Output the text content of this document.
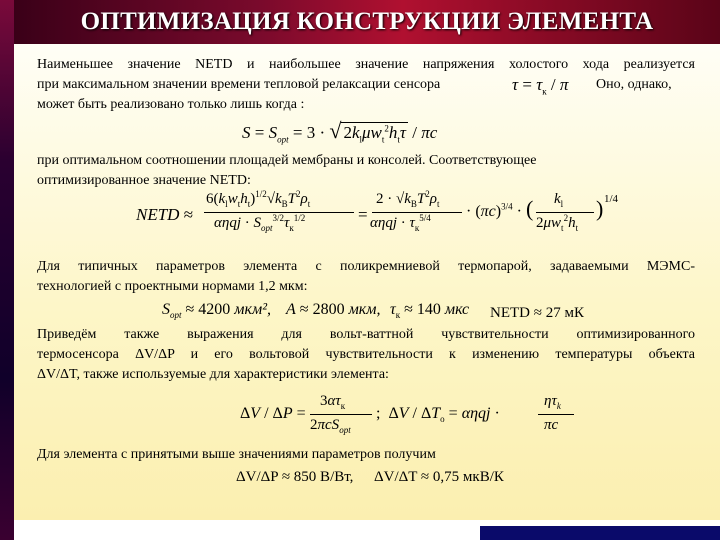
ОПТИМИЗАЦИЯ КОНСТРУКЦИИ ЭЛЕМЕНТА
Наименьшее значение NETD и наибольшее значение напряжения холостого хода реализуется
при максимальном значении времени тепловой релаксации сенсора	$\tau = \tau_к / \pi$ Оно, однако,
может быть реализовано только лишь когда :
$S = S_{opt} = 3$ · √ $2k_l\mu w_t^2h_t\tau$ / πc
при оптимальном соотношении площадей мембраны и консолей. Соответствующее
оптимизированное значение NETD:
NETD ≈
$6(k_lw_th_t)^{1/2}√k_BT^2\rho_t$
$\alpha\eta qj \cdot S_{opt}^{3/2}\tau_к^{1/2}$	=
$2 \cdot √k_BT^2\rho_t$
$\alpha\eta qj \cdot \tau_к^{5/4} \cdot (\pi c)^{3/4}$ · ( $k_l$
$2\mu w_t^2h_t$
) 1/4
Для типичных параметров элемента с поликремниевой термопарой, задаваемыми МЭМС-
технологией с проектными нормами 1,2 мкм:
$S_{opt} \approx 4200$ мкм², A ≈ 2800 мкм, $\tau_к \approx 140$ мкс NETD ≈ 27 мК
Приведём также выражения для вольт-ваттной чувствительности оптимизированного
термосенсора ΔV/ΔP и его вольтовой чувствительности к изменению температуры объекта
ΔV/ΔT, также используемые для характеристики элемента:
ΔV / ΔP =
$3\alpha\tau_к$
2πcS$_{opt}$
;  $\Delta V / \Delta T_о = \alpha\eta qj$ ·
$\eta\tau_k$
πc
Для элемента с принятыми выше значениями параметров получим
ΔV/ΔP ≈ 850 В/Вт, ΔV/ΔT ≈ 0,75 мкВ/К
